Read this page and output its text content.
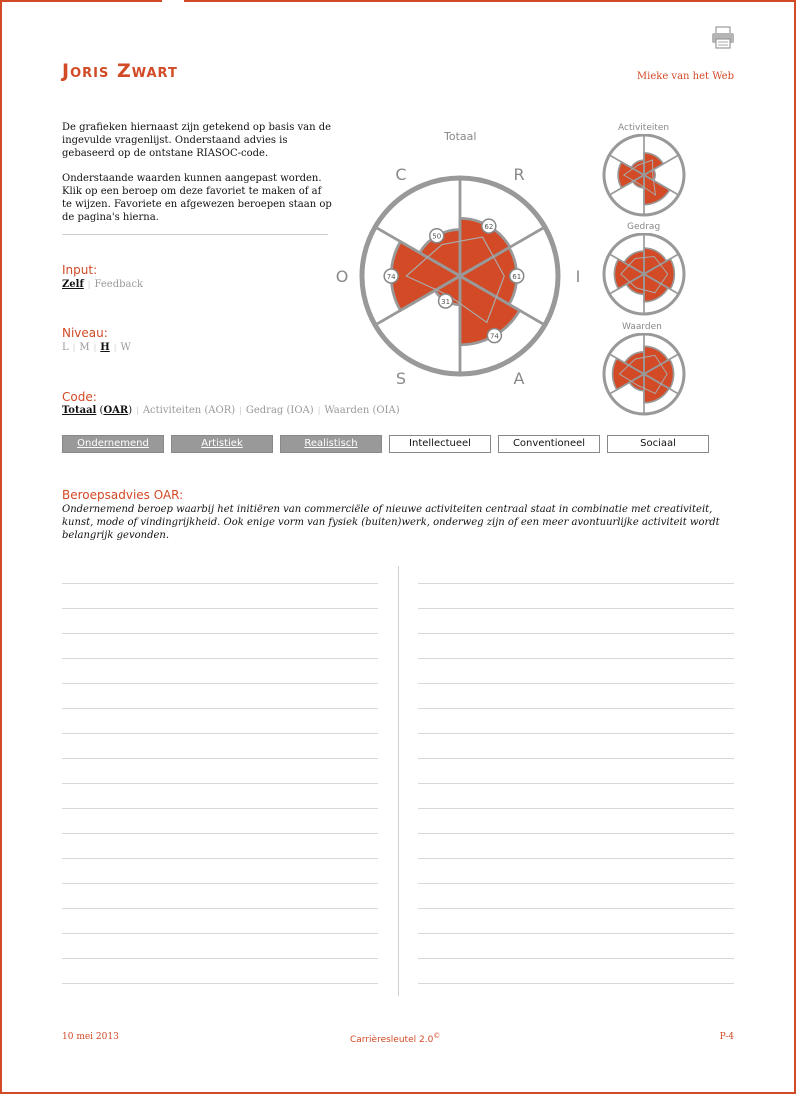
Joris Zwart	Mieke van het Web

De grafieken hiernaast zijn getekend op basis van de ingevulde vragenlijst. Onderstaand advies is gebaseerd op de ontstane RIASOC-code.

Onderstaande waarden kunnen aangepast worden. Klik op een beroep om deze favoriet te maken of af te wijzen. Favoriete en afgewezen beroepen staan op de pagina's hierna.

Input:
Zelf | Feedback
Niveau:
L | M | H | W
Code:
Totaal (OAR) | Activiteiten (AOR) | Gedrag (IOA) | Waarden (OIA)
Totaal
62
61
74
31
74
50
R
I
A
S
O
C
Activiteiten
Gedrag
Waarden
Ondernemend	Artistiek	Realistisch	Intellectueel	Conventioneel	Sociaal
Beroepsadvies OAR:
Ondernemend beroep waarbij het initiëren van commerciële of nieuwe activiteiten centraal staat in combinatie met creativiteit, kunst, mode of vindingrijkheid. Ook enige vorm van fysiek (buiten)werk, onderweg zijn of een meer avontuurlijke activiteit wordt belangrijk gevonden.
10 mei 2013	Carrièresleutel 2.0©	P-4
